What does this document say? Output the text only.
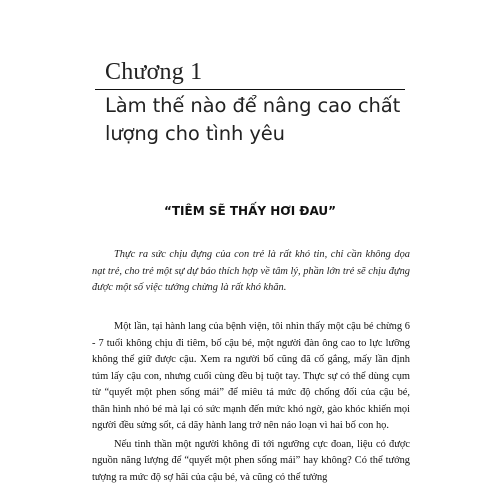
Chương 1
Làm thế nào để nâng cao chất lượng cho tình yêu
“TIÊM SẼ THẤY HƠI ĐAU”

Thực ra sức chịu đựng của con trẻ là rất khó tin, chỉ cần không dọa nạt trẻ, cho trẻ một sự dự báo thích hợp về tâm lý, phần lớn trẻ sẽ chịu đựng được một số việc tưởng chừng là rất khó khăn.

Một lần, tại hành lang của bệnh viện, tôi nhìn thấy một cậu bé chừng 6 - 7 tuổi không chịu đi tiêm, bố cậu bé, một người đàn ông cao to lực lưỡng không thể giữ được cậu. Xem ra người bố cũng đã cố gắng, mấy lần định túm lấy cậu con, nhưng cuối cùng đều bị tuột tay. Thực sự có thể dùng cụm từ “quyết một phen sống mái” để miêu tả mức độ chống đối của cậu bé, thân hình nhỏ bé mà lại có sức mạnh đến mức khó ngờ, gào khóc khiến mọi người đều sửng sốt, cả dãy hành lang trở nên náo loạn vì hai bố con họ.

Nếu tinh thần một người không đi tới ngưỡng cực đoan, liệu có được nguồn năng lượng để “quyết một phen sống mái” hay không? Có thể tưởng tượng ra mức độ sợ hãi của cậu bé, và cũng có thể tưởng
